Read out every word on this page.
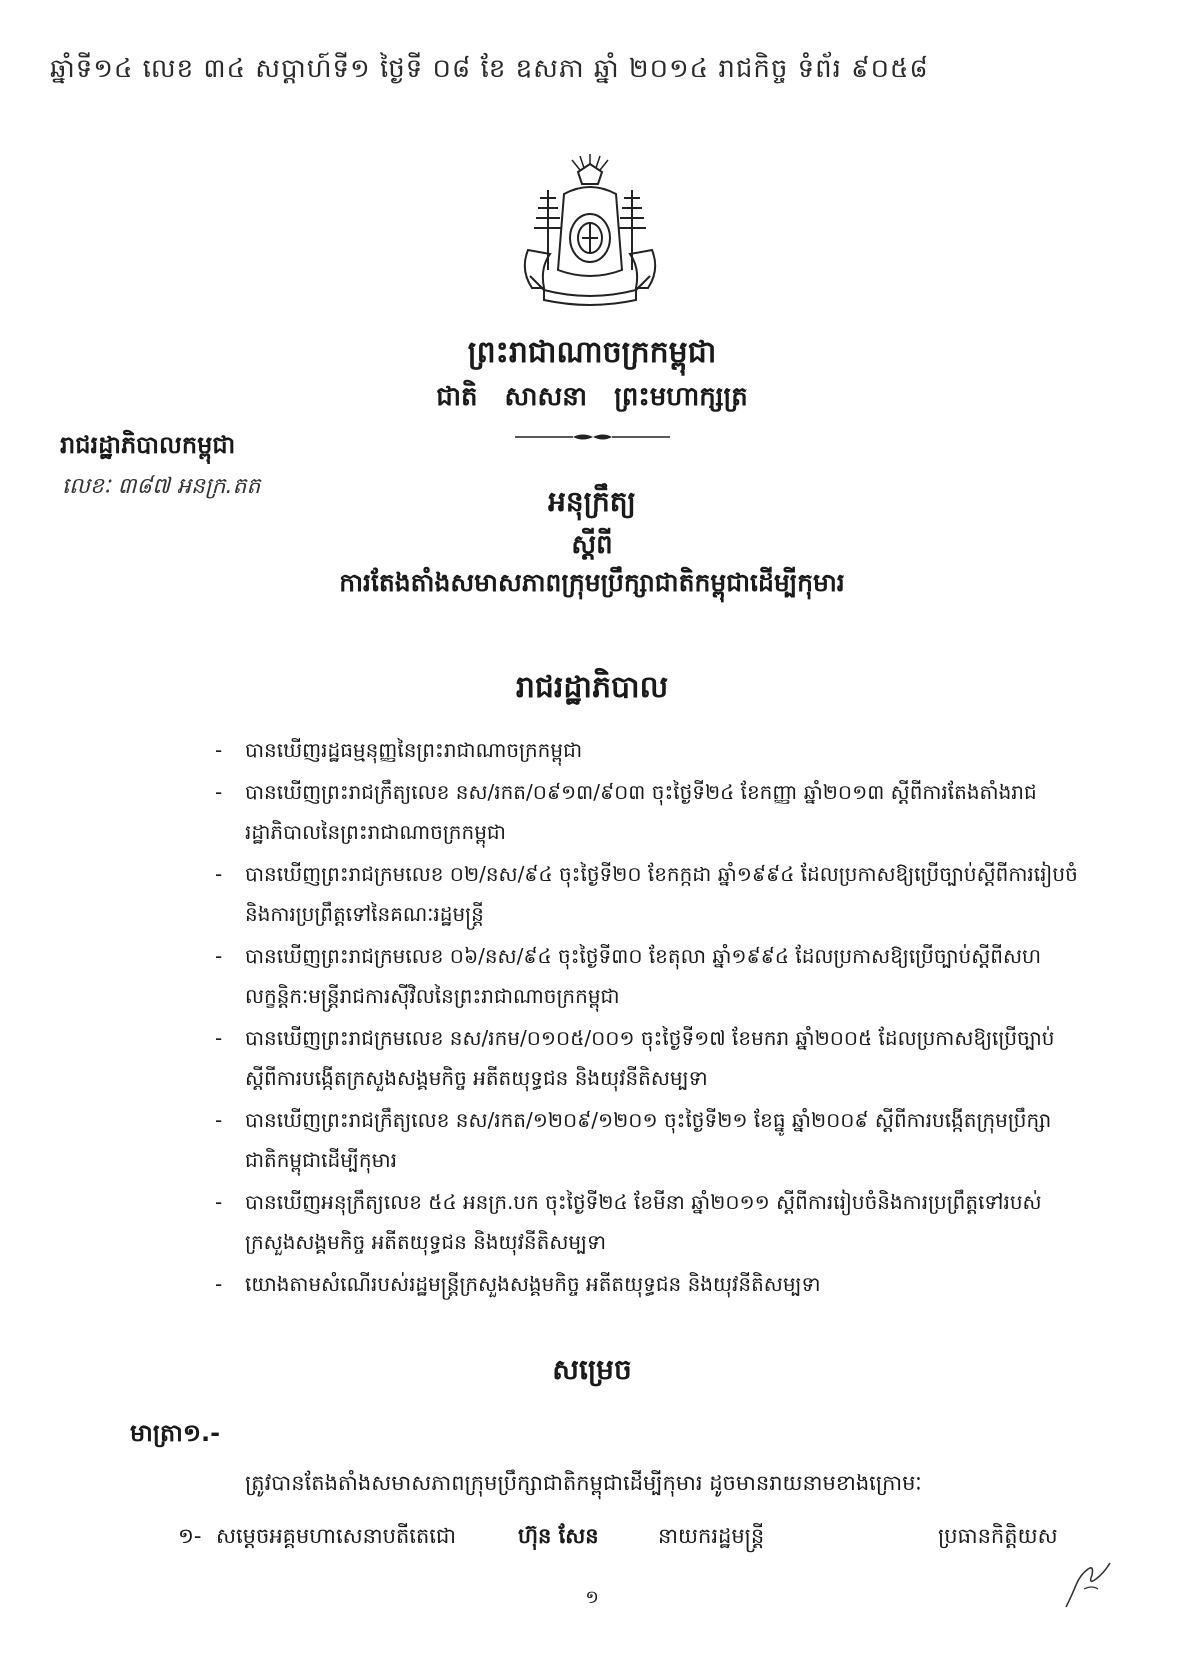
ឆ្នាំទី១៤ លេខ ៣៤ សប្តាហ៍ទី១ ថ្ងៃទី ០៨ ខែ ឧសភា ឆ្នាំ ២០១៤ រាជកិច្ច ទំព័រ ៩០៥៨
ព្រះរាជាណាចក្រកម្ពុជា
ជាតិ សាសនា ព្រះមហាក្សត្រ
រាជរដ្ឋាភិបាលកម្ពុជា
លេខៈ ៣៨៧ អនក្រ.តត	អនុក្រឹត្យ
ស្តីពី
ការតែងតាំងសមាសភាពក្រុមប្រឹក្សាជាតិកម្ពុជាដើម្បីកុមារ
រាជរដ្ឋាភិបាល
- បានឃើញរដ្ឋធម្មនុញ្ញនៃព្រះរាជាណាចក្រកម្ពុជា
- បានឃើញព្រះរាជក្រឹត្យលេខ នស/រកត/០៩១៣/៩០៣ ចុះថ្ងៃទី២៤ ខែកញ្ញា ឆ្នាំ២០១៣ ស្តីពីការតែងតាំងរាជរដ្ឋាភិបាលនៃព្រះរាជាណាចក្រកម្ពុជា
- បានឃើញព្រះរាជក្រមលេខ ០២/នស/៩៤ ចុះថ្ងៃទី២០ ខែកក្កដា ឆ្នាំ១៩៩៤ ដែលប្រកាសឱ្យប្រើច្បាប់ស្តីពីការរៀបចំនិងការប្រព្រឹត្តទៅនៃគណៈរដ្ឋមន្ត្រី
- បានឃើញព្រះរាជក្រមលេខ ០៦/នស/៩៤ ចុះថ្ងៃទី៣០ ខែតុលា ឆ្នាំ១៩៩៤ ដែលប្រកាសឱ្យប្រើច្បាប់ស្តីពីសហលក្ខន្តិកៈមន្ត្រីរាជការស៊ីវិលនៃព្រះរាជាណាចក្រកម្ពុជា
- បានឃើញព្រះរាជក្រមលេខ នស/រកម/០១០៥/០០១ ចុះថ្ងៃទី១៧ ខែមករា ឆ្នាំ២០០៥ ដែលប្រកាសឱ្យប្រើច្បាប់ស្តីពីការបង្កើតក្រសួងសង្គមកិច្ច អតីតយុទ្ធជន និងយុវនីតិសម្បទា
- បានឃើញព្រះរាជក្រឹត្យលេខ នស/រកត/១២០៩/១២០១ ចុះថ្ងៃទី២១ ខែធ្នូ ឆ្នាំ២០០៩ ស្តីពីការបង្កើតក្រុមប្រឹក្សាជាតិកម្ពុជាដើម្បីកុមារ
- បានឃើញអនុក្រឹត្យលេខ ៥៤ អនក្រ.បក ចុះថ្ងៃទី២៤ ខែមីនា ឆ្នាំ២០១១ ស្តីពីការរៀបចំនិងការប្រព្រឹត្តទៅរបស់ក្រសួងសង្គមកិច្ច អតីតយុទ្ធជន និងយុវនីតិសម្បទា
- យោងតាមសំណើរបស់រដ្ឋមន្ត្រីក្រសួងសង្គមកិច្ច អតីតយុទ្ធជន និងយុវនីតិសម្បទា
សម្រេច
មាត្រា១.-
ត្រូវបានតែងតាំងសមាសភាពក្រុមប្រឹក្សាជាតិកម្ពុជាដើម្បីកុមារ ដូចមានរាយនាមខាងក្រោមៈ
១- សម្តេចអគ្គមហាសេនាបតីតេជោ	ហ៊ុន សែន	នាយករដ្ឋមន្ត្រី	ប្រធានកិត្តិយស
១
